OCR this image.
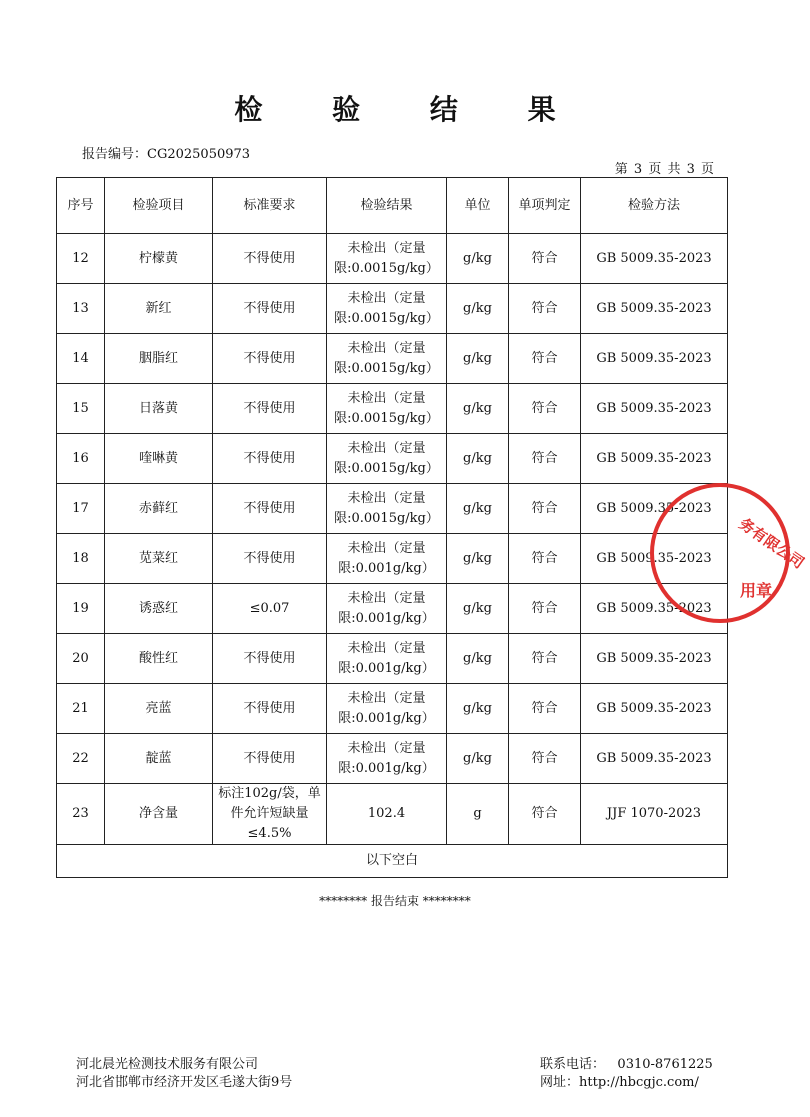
检 验 结 果
报告编号：CG2025050973
第 3 页 共 3 页
序号	检验项目	标准要求	检验结果	单位	单项判定	检验方法
12	柠檬黄	不得使用	未检出（定量限:0.0015g/kg）	g/kg	符合	GB 5009.35-2023
13	新红	不得使用	未检出（定量限:0.0015g/kg）	g/kg	符合	GB 5009.35-2023
14	胭脂红	不得使用	未检出（定量限:0.0015g/kg）	g/kg	符合	GB 5009.35-2023
15	日落黄	不得使用	未检出（定量限:0.0015g/kg）	g/kg	符合	GB 5009.35-2023
16	喹啉黄	不得使用	未检出（定量限:0.0015g/kg）	g/kg	符合	GB 5009.35-2023
17	赤藓红	不得使用	未检出（定量限:0.0015g/kg）	g/kg	符合	GB 5009.35-2023
18	苋菜红	不得使用	未检出（定量限:0.001g/kg）	g/kg	符合	GB 5009.35-2023
19	诱惑红	≤0.07	未检出（定量限:0.001g/kg）	g/kg	符合	GB 5009.35-2023
20	酸性红	不得使用	未检出（定量限:0.001g/kg）	g/kg	符合	GB 5009.35-2023
21	亮蓝	不得使用	未检出（定量限:0.001g/kg）	g/kg	符合	GB 5009.35-2023
22	靛蓝	不得使用	未检出（定量限:0.001g/kg）	g/kg	符合	GB 5009.35-2023
23	净含量	标注102g/袋，单件允许短缺量≤4.5%	102.4	g	符合	JJF 1070-2023
以下空白						
******** 报告结束 ********
河北晨光检测技术服务有限公司
河北省邯郸市经济开发区毛遂大街9号
联系电话： 0310-8761225
网址：http://hbcgjc.com/
务有限公司
用章
